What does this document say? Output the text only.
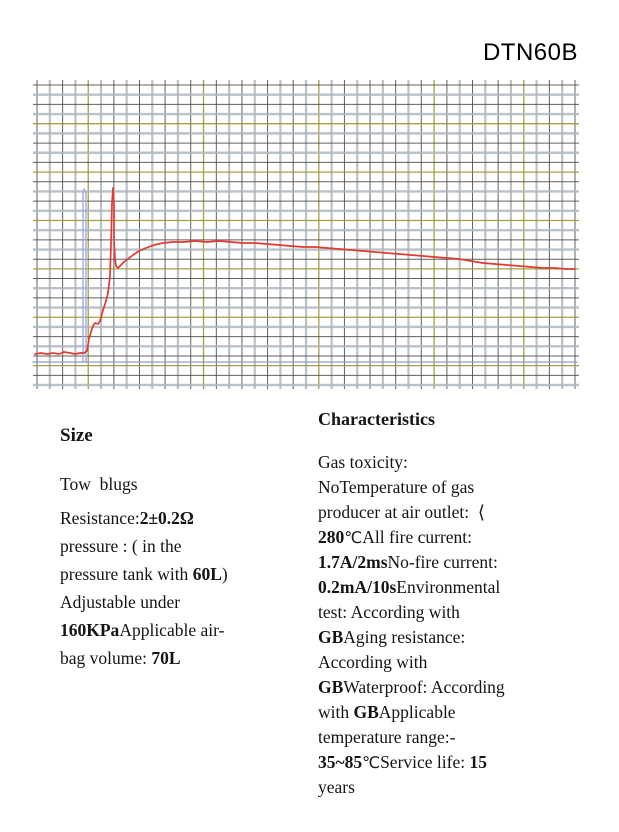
DTN60B
Size
Tow  blugs
Resistance:2±0.2Ω
pressure : ( in the
pressure tank with 60L)
Adjustable under
160KPaApplicable air-
bag volume: 70L
Characteristics
Gas toxicity:
NoTemperature of gas
producer at air outlet:  ⟨
280℃All fire current:
1.7A/2msNo-fire current:
0.2mA/10sEnvironmental
test: According with
GBAging resistance:
According with
GBWaterproof: According
with GBApplicable
temperature range:-
35~85℃Service life: 15
years
